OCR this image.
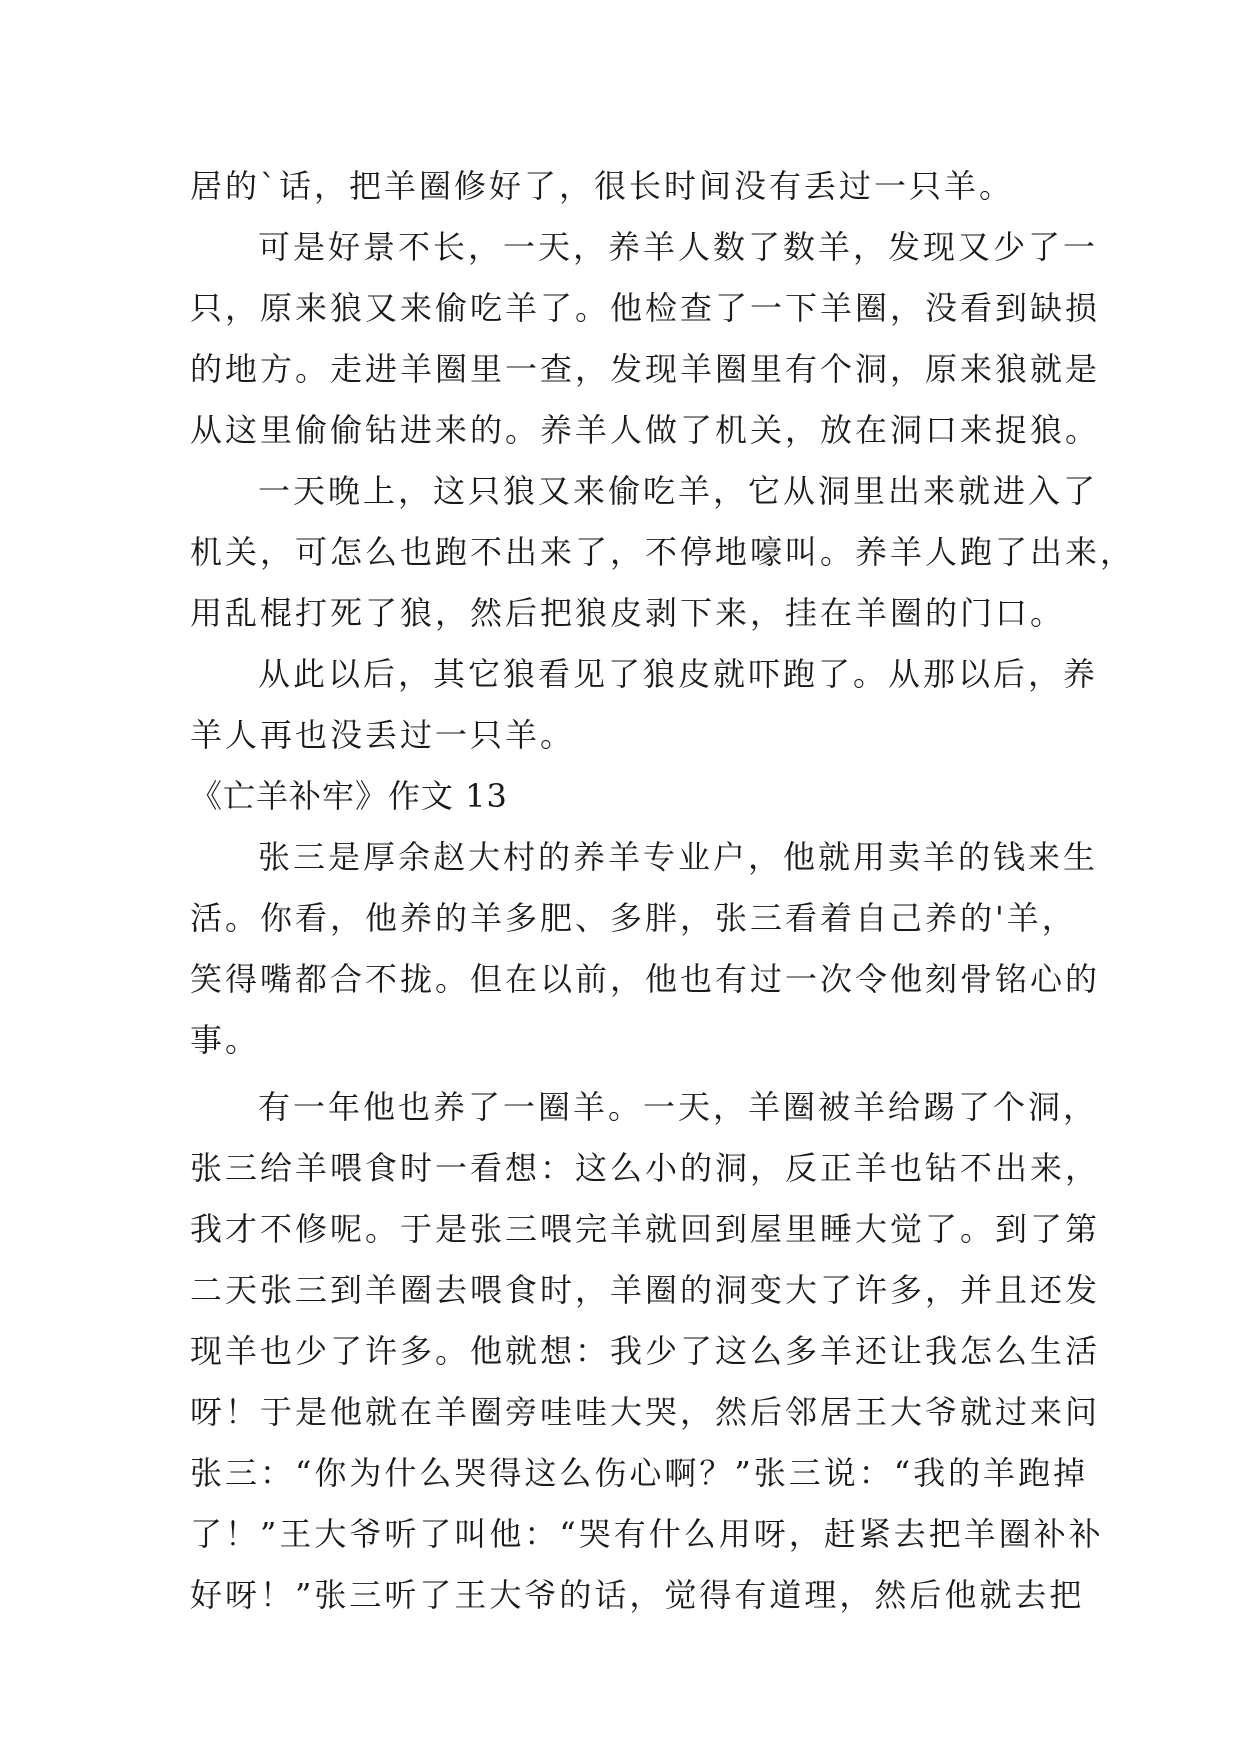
居的`话，把羊圈修好了，很长时间没有丢过一只羊。
可是好景不长，一天，养羊人数了数羊，发现又少了一
只，原来狼又来偷吃羊了。他检查了一下羊圈，没看到缺损
的地方。走进羊圈里一查，发现羊圈里有个洞，原来狼就是
从这里偷偷钻进来的。养羊人做了机关，放在洞口来捉狼。
一天晚上，这只狼又来偷吃羊，它从洞里出来就进入了
机关，可怎么也跑不出来了，不停地嚎叫。养羊人跑了出来，
用乱棍打死了狼，然后把狼皮剥下来，挂在羊圈的门口。
从此以后，其它狼看见了狼皮就吓跑了。从那以后，养
羊人再也没丢过一只羊。
《亡羊补牢》作文 13
张三是厚余赵大村的养羊专业户，他就用卖羊的钱来生
活。你看，他养的羊多肥、多胖，张三看着自己养的'羊，
笑得嘴都合不拢。但在以前，他也有过一次令他刻骨铭心的
事。
有一年他也养了一圈羊。一天，羊圈被羊给踢了个洞，
张三给羊喂食时一看想：这么小的洞，反正羊也钻不出来，
我才不修呢。于是张三喂完羊就回到屋里睡大觉了。到了第
二天张三到羊圈去喂食时，羊圈的洞变大了许多，并且还发
现羊也少了许多。他就想：我少了这么多羊还让我怎么生活
呀！于是他就在羊圈旁哇哇大哭，然后邻居王大爷就过来问
张三：“你为什么哭得这么伤心啊？”张三说：“我的羊跑掉
了！”王大爷听了叫他：“哭有什么用呀，赶紧去把羊圈补补
好呀！”张三听了王大爷的话，觉得有道理，然后他就去把
